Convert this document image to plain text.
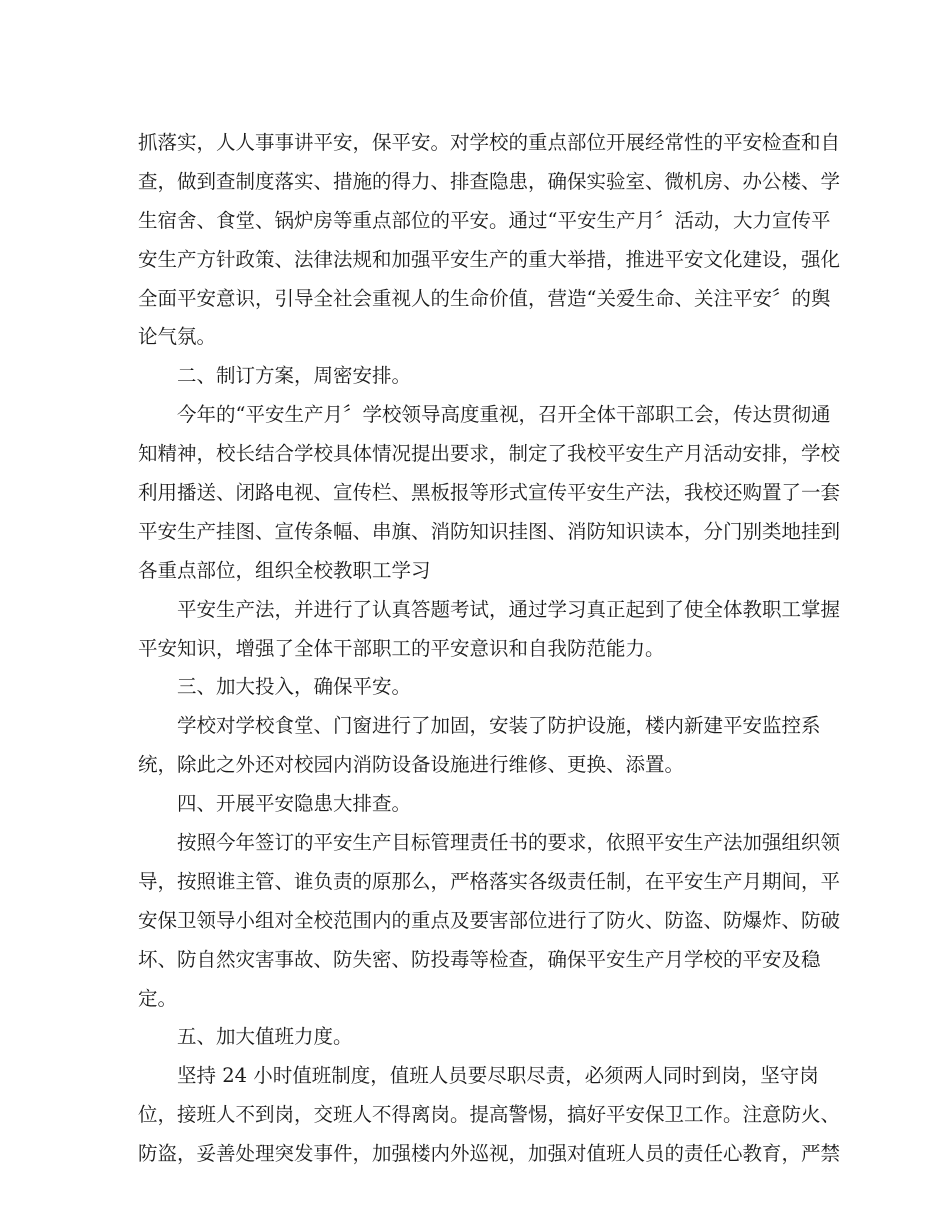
抓落实，人人事事讲平安，保平安。对学校的重点部位开展经常性的平安检查和自
查，做到查制度落实、措施的得力、排查隐患，确保实验室、微机房、办公楼、学
生宿舍、食堂、锅炉房等重点部位的平安。通过“平安生产月〞活动，大力宣传平
安生产方针政策、法律法规和加强平安生产的重大举措，推进平安文化建设，强化
全面平安意识，引导全社会重视人的生命价值，营造“关爱生命、关注平安〞的舆
论气氛。
二、制订方案，周密安排。
今年的“平安生产月〞学校领导高度重视，召开全体干部职工会，传达贯彻通
知精神，校长结合学校具体情况提出要求，制定了我校平安生产月活动安排，学校
利用播送、闭路电视、宣传栏、黑板报等形式宣传平安生产法，我校还购置了一套
平安生产挂图、宣传条幅、串旗、消防知识挂图、消防知识读本，分门别类地挂到
各重点部位，组织全校教职工学习
平安生产法，并进行了认真答题考试，通过学习真正起到了使全体教职工掌握
平安知识，增强了全体干部职工的平安意识和自我防范能力。
三、加大投入，确保平安。
学校对学校食堂、门窗进行了加固，安装了防护设施，楼内新建平安监控系
统，除此之外还对校园内消防设备设施进行维修、更换、添置。
四、开展平安隐患大排查。
按照今年签订的平安生产目标管理责任书的要求，依照平安生产法加强组织领
导，按照谁主管、谁负责的原那么，严格落实各级责任制，在平安生产月期间，平
安保卫领导小组对全校范围内的重点及要害部位进行了防火、防盗、防爆炸、防破
坏、防自然灾害事故、防失密、防投毒等检查，确保平安生产月学校的平安及稳
定。
五、加大值班力度。
坚持 24 小时值班制度，值班人员要尽职尽责，必须两人同时到岗，坚守岗
位，接班人不到岗，交班人不得离岗。提高警惕，搞好平安保卫工作。注意防火、
防盗，妥善处理突发事件，加强楼内外巡视，加强对值班人员的责任心教育，严禁
